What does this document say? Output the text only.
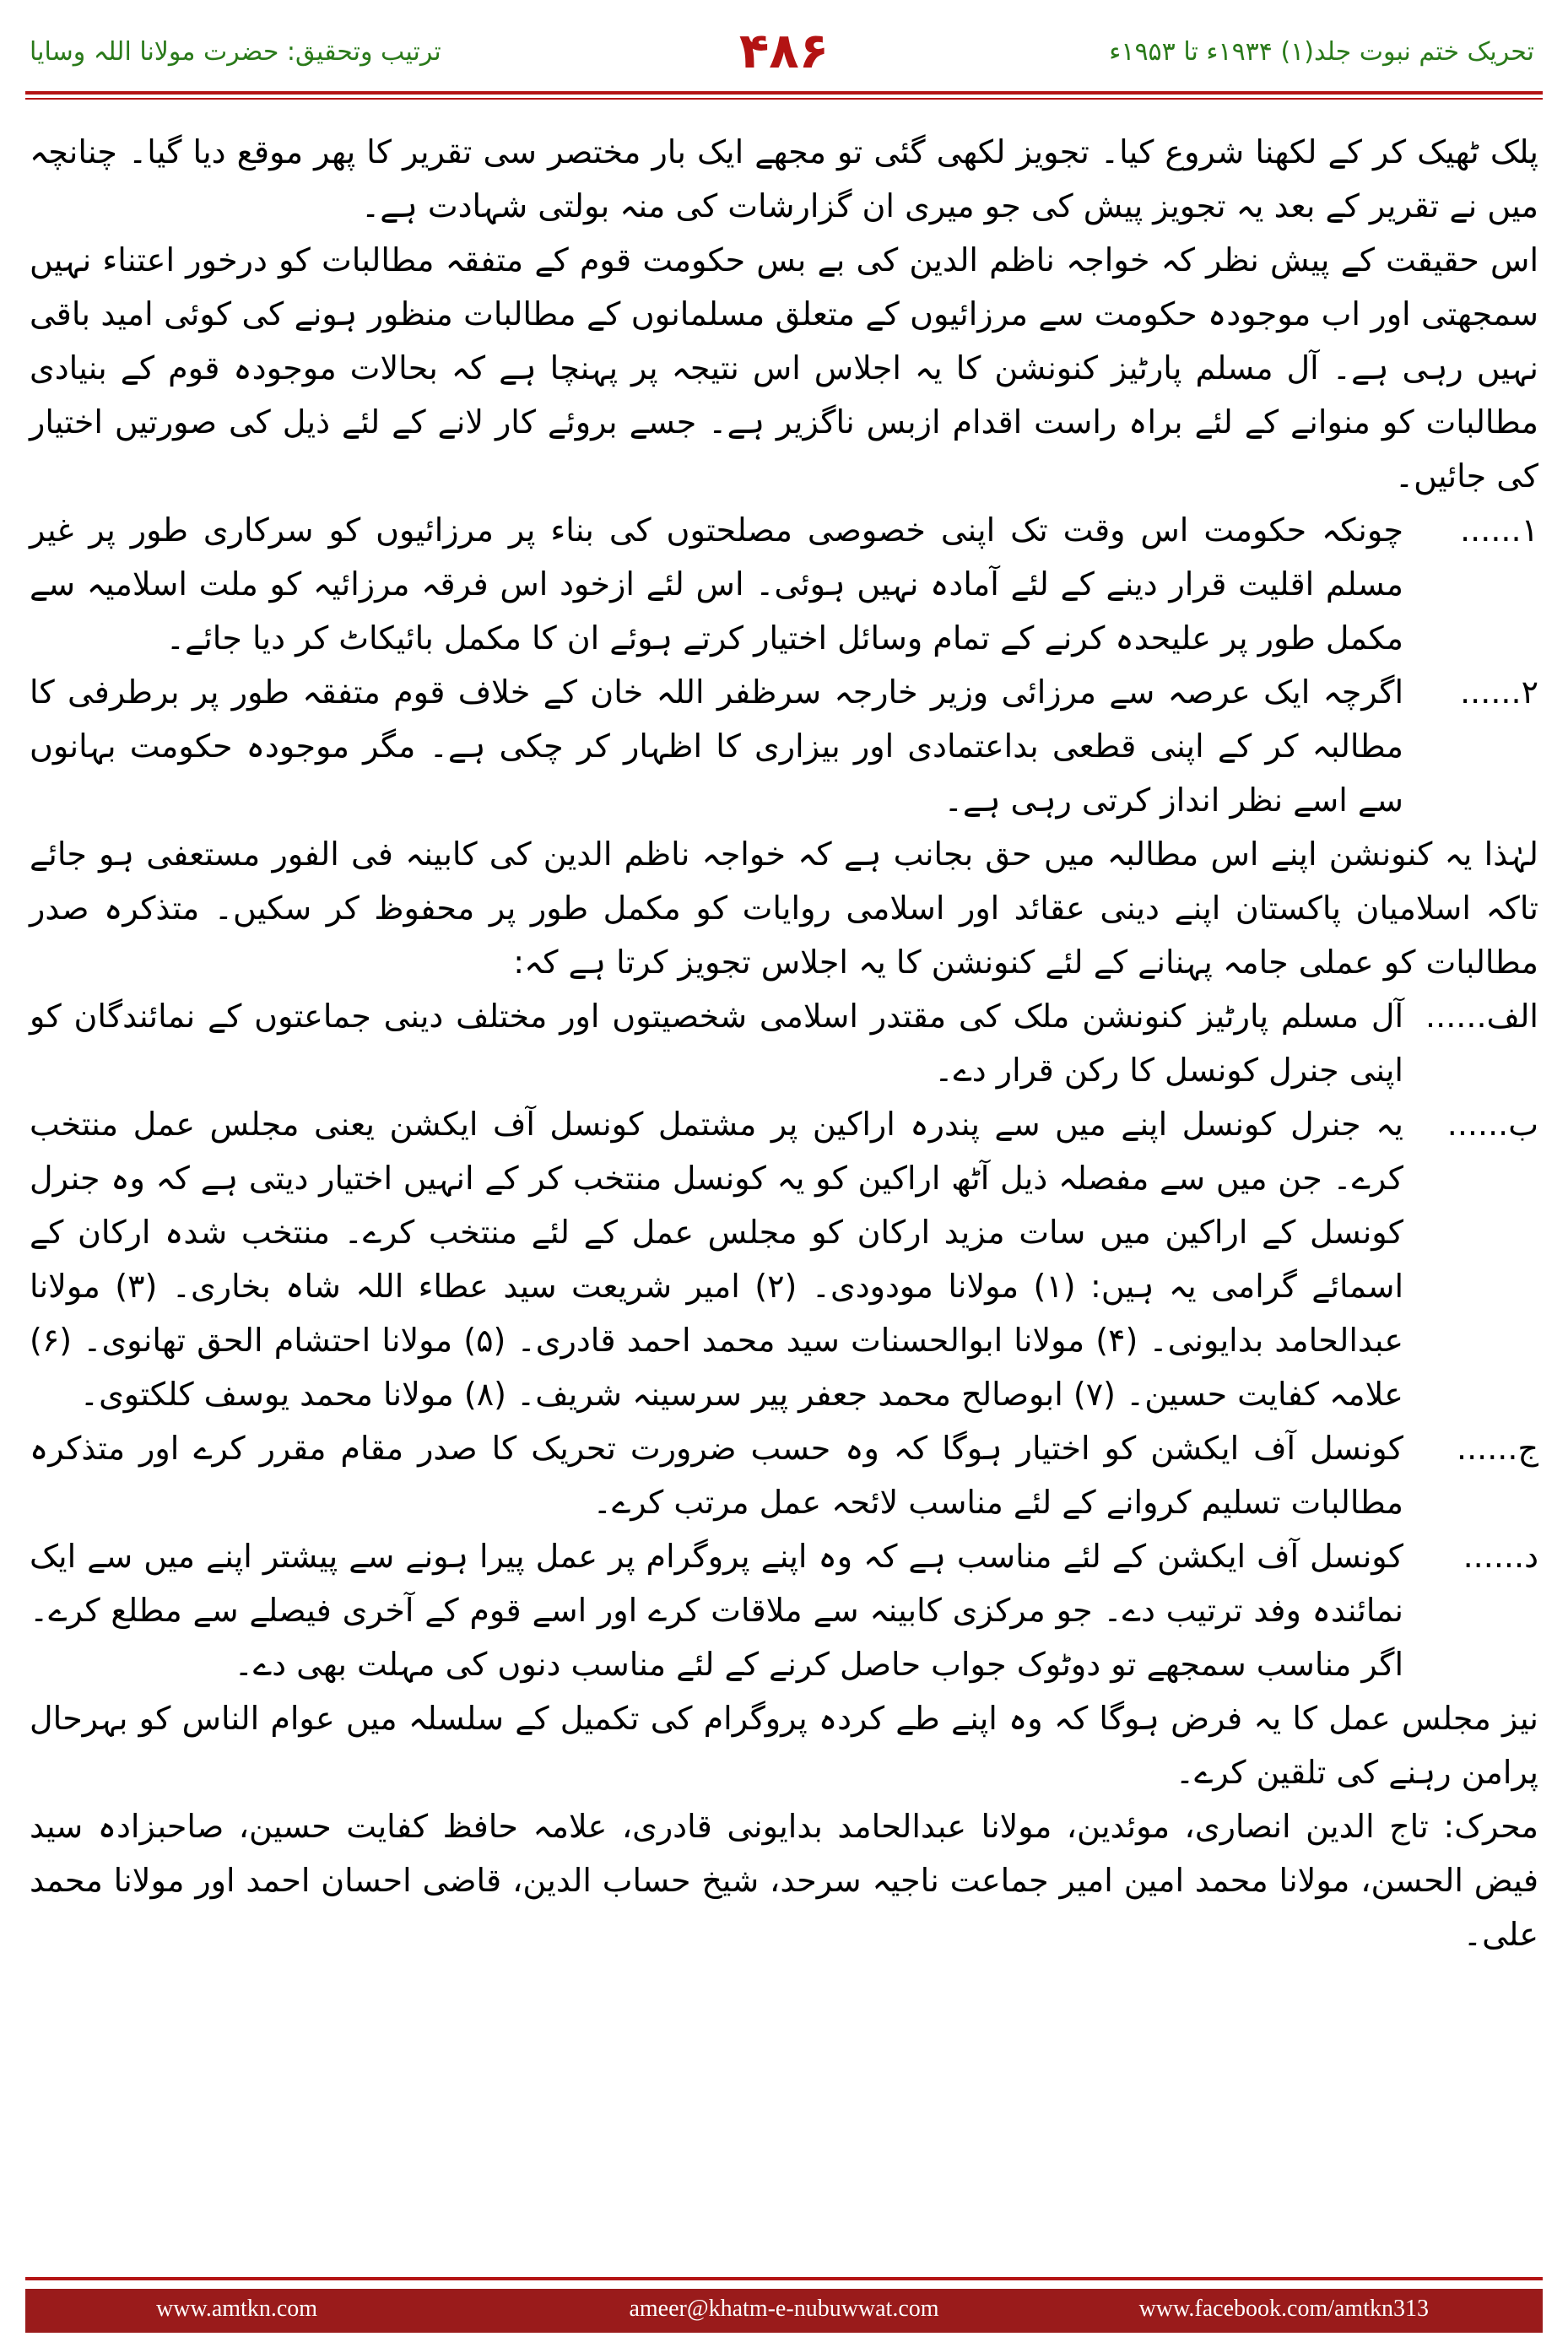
تحریک ختم نبوت جلد(۱) ۱۹۳۴ء تا ۱۹۵۳ء
۴۸۶
ترتیب وتحقیق: حضرت مولانا اللہ وسایا

پلک ٹھیک کر کے لکھنا شروع کیا۔ تجویز لکھی گئی تو مجھے ایک بار مختصر سی تقریر کا پھر موقع دیا گیا۔ چنانچہ میں نے تقریر کے بعد یہ تجویز پیش کی جو میری ان گزارشات کی منہ بولتی شہادت ہے۔

اس حقیقت کے پیش نظر کہ خواجہ ناظم الدین کی بے بس حکومت قوم کے متفقہ مطالبات کو درخور اعتناء نہیں سمجھتی اور اب موجودہ حکومت سے مرزائیوں کے متعلق مسلمانوں کے مطالبات منظور ہونے کی کوئی امید باقی نہیں رہی ہے۔ آل مسلم پارٹیز کنونشن کا یہ اجلاس اس نتیجہ پر پہنچا ہے کہ بحالات موجودہ قوم کے بنیادی مطالبات کو منوانے کے لئے براہ راست اقدام ازبس ناگزیر ہے۔ جسے بروئے کار لانے کے لئے ذیل کی صورتیں اختیار کی جائیں۔

۱......
چونکہ حکومت اس وقت تک اپنی خصوصی مصلحتوں کی بناء پر مرزائیوں کو سرکاری طور پر غیر مسلم اقلیت قرار دینے کے لئے آمادہ نہیں ہوئی۔ اس لئے ازخود اس فرقہ مرزائیہ کو ملت اسلامیہ سے مکمل طور پر علیحدہ کرنے کے تمام وسائل اختیار کرتے ہوئے ان کا مکمل بائیکاٹ کر دیا جائے۔
۲......
اگرچہ ایک عرصہ سے مرزائی وزیر خارجہ سرظفر اللہ خان کے خلاف قوم متفقہ طور پر برطرفی کا مطالبہ کر کے اپنی قطعی بداعتمادی اور بیزاری کا اظہار کر چکی ہے۔ مگر موجودہ حکومت بہانوں سے اسے نظر انداز کرتی رہی ہے۔

لہٰذا یہ کنونشن اپنے اس مطالبہ میں حق بجانب ہے کہ خواجہ ناظم الدین کی کابینہ فی الفور مستعفی ہو جائے تاکہ اسلامیان پاکستان اپنے دینی عقائد اور اسلامی روایات کو مکمل طور پر محفوظ کر سکیں۔ متذکرہ صدر مطالبات کو عملی جامہ پہنانے کے لئے کنونشن کا یہ اجلاس تجویز کرتا ہے کہ:

الف......
آل مسلم پارٹیز کنونشن ملک کی مقتدر اسلامی شخصیتوں اور مختلف دینی جماعتوں کے نمائندگان کو اپنی جنرل کونسل کا رکن قرار دے۔
ب......
یہ جنرل کونسل اپنے میں سے پندرہ اراکین پر مشتمل کونسل آف ایکشن یعنی مجلس عمل منتخب کرے۔ جن میں سے مفصلہ ذیل آٹھ اراکین کو یہ کونسل منتخب کر کے انہیں اختیار دیتی ہے کہ وہ جنرل کونسل کے اراکین میں سات مزید ارکان کو مجلس عمل کے لئے منتخب کرے۔ منتخب شدہ ارکان کے اسمائے گرامی یہ ہیں: (۱) مولانا مودودی۔ (۲) امیر شریعت سید عطاء اللہ شاہ بخاری۔ (۳) مولانا عبدالحامد بدایونی۔ (۴) مولانا ابوالحسنات سید محمد احمد قادری۔ (۵) مولانا احتشام الحق تھانوی۔ (۶) علامہ کفایت حسین۔ (۷) ابوصالح محمد جعفر پیر سرسینہ شریف۔ (۸) مولانا محمد یوسف کلکتوی۔
ج......
کونسل آف ایکشن کو اختیار ہوگا کہ وہ حسب ضرورت تحریک کا صدر مقام مقرر کرے اور متذکرہ مطالبات تسلیم کروانے کے لئے مناسب لائحہ عمل مرتب کرے۔
د......
کونسل آف ایکشن کے لئے مناسب ہے کہ وہ اپنے پروگرام پر عمل پیرا ہونے سے پیشتر اپنے میں سے ایک نمائندہ وفد ترتیب دے۔ جو مرکزی کابینہ سے ملاقات کرے اور اسے قوم کے آخری فیصلے سے مطلع کرے۔ اگر مناسب سمجھے تو دوٹوک جواب حاصل کرنے کے لئے مناسب دنوں کی مہلت بھی دے۔

نیز مجلس عمل کا یہ فرض ہوگا کہ وہ اپنے طے کردہ پروگرام کی تکمیل کے سلسلہ میں عوام الناس کو بہرحال پرامن رہنے کی تلقین کرے۔

محرک: تاج الدین انصاری، موئدین، مولانا عبدالحامد بدایونی قادری، علامہ حافظ کفایت حسین، صاحبزادہ سید فیض الحسن، مولانا محمد امین امیر جماعت ناجیہ سرحد، شیخ حساب الدین، قاضی احسان احمد اور مولانا محمد علی۔

www.amtkn.com	ameer@khatm-e-nubuwwat.com	www.facebook.com/amtkn313
